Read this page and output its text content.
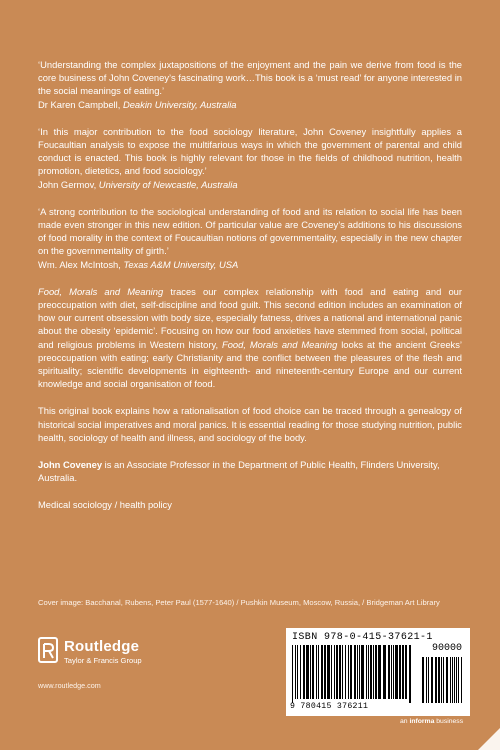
‘Understanding the complex juxtapositions of the enjoyment and the pain we derive from food is the core business of John Coveney’s fascinating work…This book is a ‘must read’ for anyone interested in the social meanings of eating.’
Dr Karen Campbell, Deakin University, Australia

‘In this major contribution to the food sociology literature, John Coveney insightfully applies a Foucaultian analysis to expose the multifarious ways in which the government of parental and child conduct is enacted. This book is highly relevant for those in the fields of childhood nutrition, health promotion, dietetics, and food sociology.’
John Germov, University of Newcastle, Australia

‘A strong contribution to the sociological understanding of food and its relation to social life has been made even stronger in this new edition. Of particular value are Coveney’s additions to his discussions of food morality in the context of Foucaultian notions of governmentality, especially in the new chapter on the governmentality of girth.’
Wm. Alex McIntosh, Texas A&M University, USA

Food, Morals and Meaning traces our complex relationship with food and eating and our preoccupation with diet, self-discipline and food guilt. This second edition includes an examination of how our current obsession with body size, especially fatness, drives a national and international panic about the obesity ‘epidemic’. Focusing on how our food anxieties have stemmed from social, political and religious problems in Western history, Food, Morals and Meaning looks at the ancient Greeks’ preoccupation with eating; early Christianity and the conflict between the pleasures of the flesh and spirituality; scientific developments in eighteenth- and nineteenth-century Europe and our current knowledge and social organisation of food.

This original book explains how a rationalisation of food choice can be traced through a genealogy of historical social imperatives and moral panics. It is essential reading for those studying nutrition, public health, sociology of health and illness, and sociology of the body.

John Coveney is an Associate Professor in the Department of Public Health, Flinders University, Australia.

Medical sociology / health policy

Cover image: Bacchanal, Rubens, Peter Paul (1577-1640) / Pushkin Museum, Moscow, Russia, / Bridgeman Art Library
Routledge
Taylor & Francis Group
www.routledge.com
ISBN 978-0-415-37621-1
90000
9 780415 376211
an informa business
